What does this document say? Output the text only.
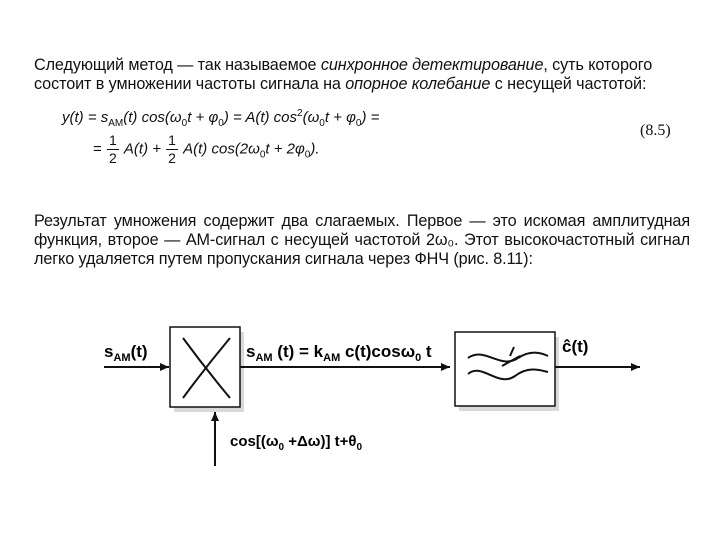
Следующий метод — так называемое синхронное детектирование, суть которого состоит в умножении частоты сигнала на опорное колебание с несущей частотой:
$y(t) = s_{AM}(t) \cos(\omega_0t + \varphi_0) = A(t) \cos^2(\omega_0t + \varphi_0)$ =
(8.5)
= $\frac{1}{2} A(t) + \frac{1}{2} A(t) \cos(2\omega_0t + 2\varphi_0)$.
Результат умножения содержит два слагаемых. Первое — это искомая амплитудная функция, второе — АМ-сигнал с несущей частотой 2ω₀. Этот высокочастотный сигнал легко удаляется путем пропускания сигнала через ФНЧ (рис. 8.11):
$s_{AM}(t)$	$s_{AM}$ $(t) = k_{AM}$ c(t)cosω$_0$ t	ĉ(t)
$\cos[(\omega_0 +\Delta\omega)]$ $t+\theta_0$
